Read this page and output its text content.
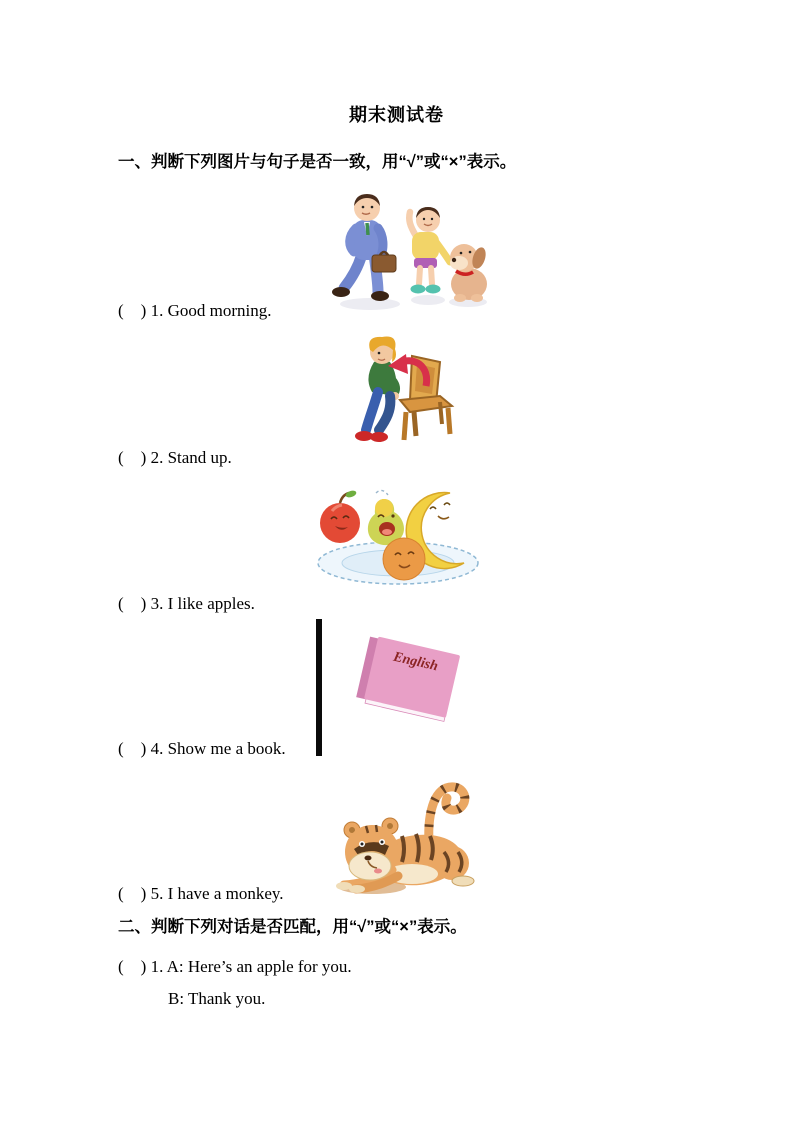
期末测试卷
一、判断下列图片与句子是否一致，用“√”或“×”表示。
(    ) 1. Good morning.
(    ) 2. Stand up.
(    ) 3. I like apples.
English
(    ) 4. Show me a book.
(    ) 5. I have a monkey.
二、判断下列对话是否匹配，用“√”或“×”表示。
(    ) 1. A: Here’s an apple for you.
B: Thank you.
